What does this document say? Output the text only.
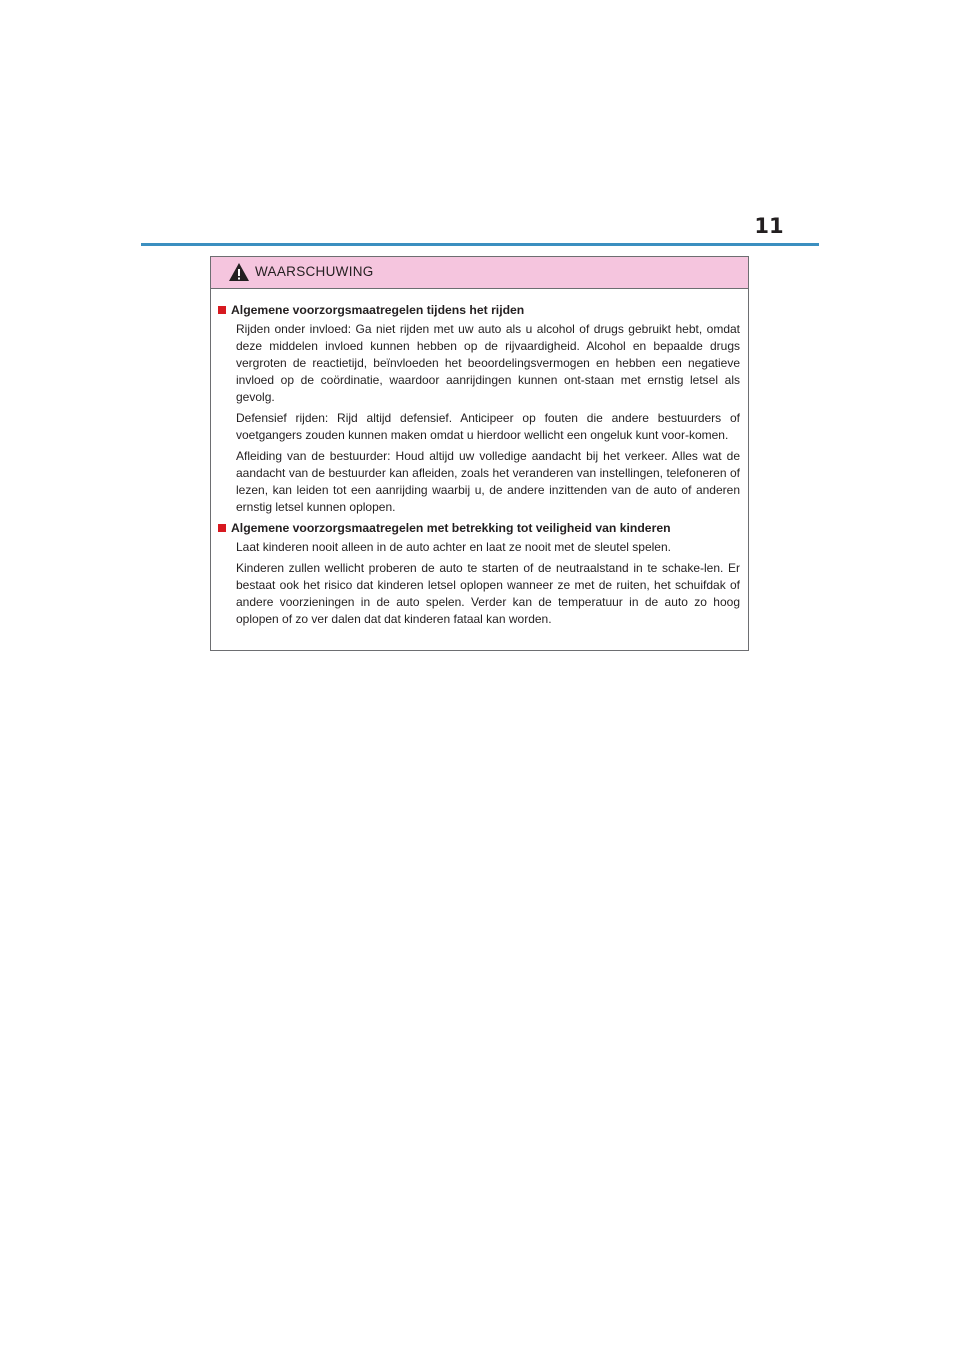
11
WAARSCHUWING
Algemene voorzorgsmaatregelen tijdens het rijden

Rijden onder invloed: Ga niet rijden met uw auto als u alcohol of drugs gebruikt hebt, omdat deze middelen invloed kunnen hebben op de rijvaardigheid. Alcohol en bepaalde drugs vergroten de reactietijd, beïnvloeden het beoordelingsvermogen en hebben een negatieve invloed op de coördinatie, waardoor aanrijdingen kunnen ont-staan met ernstig letsel als gevolg.

Defensief rijden: Rijd altijd defensief. Anticipeer op fouten die andere bestuurders of voetgangers zouden kunnen maken omdat u hierdoor wellicht een ongeluk kunt voor-komen.

Afleiding van de bestuurder: Houd altijd uw volledige aandacht bij het verkeer. Alles wat de aandacht van de bestuurder kan afleiden, zoals het veranderen van instellingen, telefoneren of lezen, kan leiden tot een aanrijding waarbij u, de andere inzittenden van de auto of anderen ernstig letsel kunnen oplopen.

Algemene voorzorgsmaatregelen met betrekking tot veiligheid van kinderen

Laat kinderen nooit alleen in de auto achter en laat ze nooit met de sleutel spelen.

Kinderen zullen wellicht proberen de auto te starten of de neutraalstand in te schake-len. Er bestaat ook het risico dat kinderen letsel oplopen wanneer ze met de ruiten, het schuifdak of andere voorzieningen in de auto spelen. Verder kan de temperatuur in de auto zo hoog oplopen of zo ver dalen dat dat kinderen fataal kan worden.
